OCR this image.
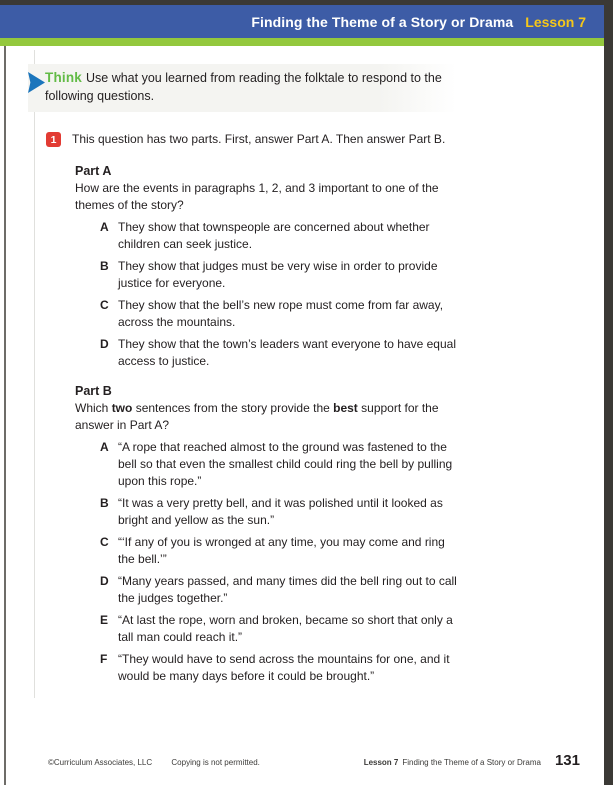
Finding the Theme of a Story or Drama Lesson 7

Think Use what you learned from reading the folktale to respond to the
following questions.

1	This question has two parts. First, answer Part A. Then answer Part B.
Part A

How are the events in paragraphs 1, 2, and 3 important to one of the
themes of the story?

A They show that townspeople are concerned about whether
children can seek justice.
B They show that judges must be very wise in order to provide
justice for everyone.
C They show that the bell’s new rope must come from far away,
across the mountains.
D They show that the town’s leaders want everyone to have equal
access to justice.
Part B

Which two sentences from the story provide the best support for the
answer in Part A?

A “A rope that reached almost to the ground was fastened to the
bell so that even the smallest child could ring the bell by pulling
upon this rope.”
B “It was a very pretty bell, and it was polished until it looked as
bright and yellow as the sun.”
C “‘If any of you is wronged at any time, you may come and ring
the bell.’”
D “Many years passed, and many times did the bell ring out to call
the judges together.”
E “At last the rope, worn and broken, became so short that only a
tall man could reach it.”
F “They would have to send across the mountains for one, and it
would be many days before it could be brought.”
©Curriculum Associates, LLC Copying is not permitted.	Lesson 7 Finding the Theme of a Story or Drama 131
